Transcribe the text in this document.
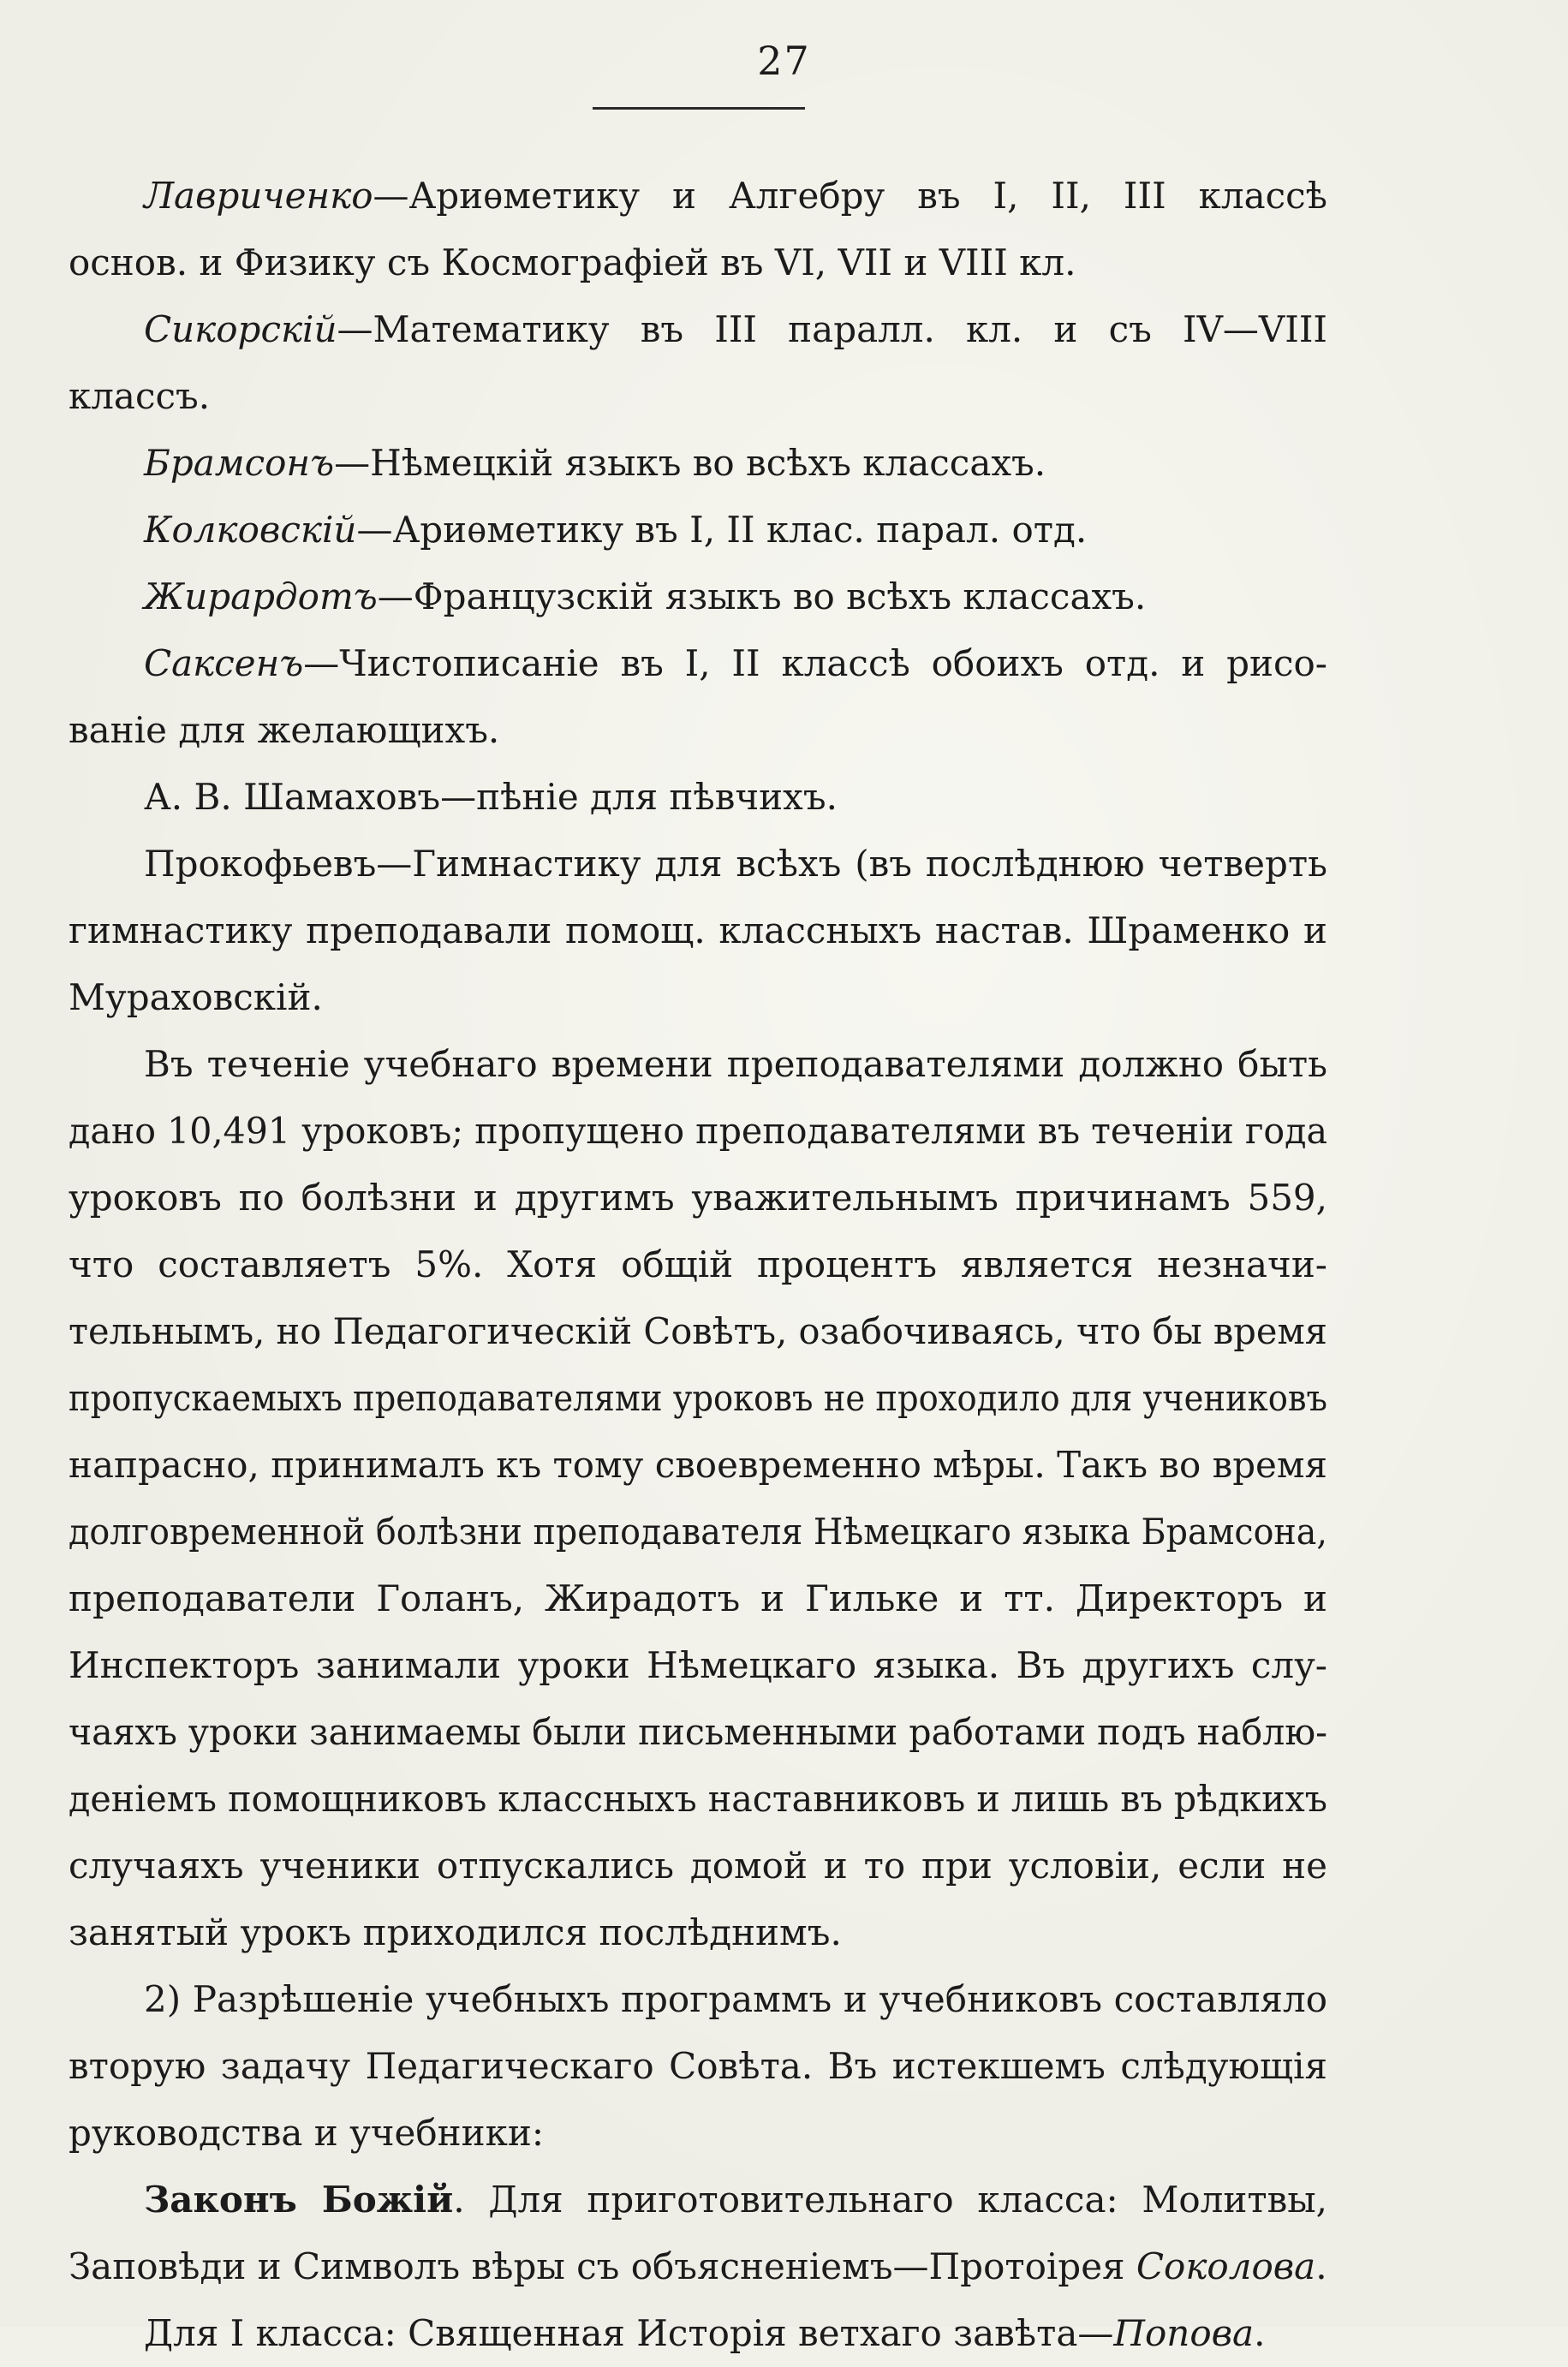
27
Лавриченко—Ариѳметику и Алгебру въ I, II, III классѣ
основ. и Физику съ Космографіей въ VI, VII и VIII кл.
Сикорскій—Математику въ III паралл. кл. и съ IV—VIII
классъ.
Брамсонъ—Нѣмецкій языкъ во всѣхъ классахъ.
Колковскій—Ариѳметику въ I, II клас. парал. отд.
Жирардотъ—Французскій языкъ во всѣхъ классахъ.
Саксенъ—Чистописаніе въ I, II классѣ обоихъ отд. и рисо-
ваніе для желающихъ.
А. В. Шамаховъ—пѣніе для пѣвчихъ.
Прокофьевъ—Гимнастику для всѣхъ (въ послѣднюю четверть
гимнастику преподавали помощ. классныхъ настав. Шраменко и
Мураховскій.
Въ теченіе учебнаго времени преподавателями должно быть
дано 10,491 уроковъ; пропущено преподавателями въ теченіи года
уроковъ по болѣзни и другимъ уважительнымъ причинамъ 559,
что составляетъ 5%. Хотя общій процентъ является незначи-
тельнымъ, но Педагогическій Совѣтъ, озабочиваясь, что бы время
пропускаемыхъ преподавателями уроковъ не проходило для учениковъ
напрасно, принималъ къ тому своевременно мѣры. Такъ во время
долговременной болѣзни преподавателя Нѣмецкаго языка Брамсона,
преподаватели Голанъ, Жирадотъ и Гильке и тт. Директоръ и
Инспекторъ занимали уроки Нѣмецкаго языка. Въ другихъ слу-
чаяхъ уроки занимаемы были письменными работами подъ наблю-
деніемъ помощниковъ классныхъ наставниковъ и лишь въ рѣдкихъ
случаяхъ ученики отпускались домой и то при условіи, если не
занятый урокъ приходился послѣднимъ.
2) Разрѣшеніе учебныхъ программъ и учебниковъ составляло
вторую задачу Педагическаго Совѣта. Въ истекшемъ слѣдующія
руководства и учебники:
Законъ Божій. Для приготовительнаго класса: Молитвы,
Заповѣди и Символъ вѣры съ объясненіемъ—Протоірея Соколова.
Для I класса: Священная Исторія ветхаго завѣта—Попова.
